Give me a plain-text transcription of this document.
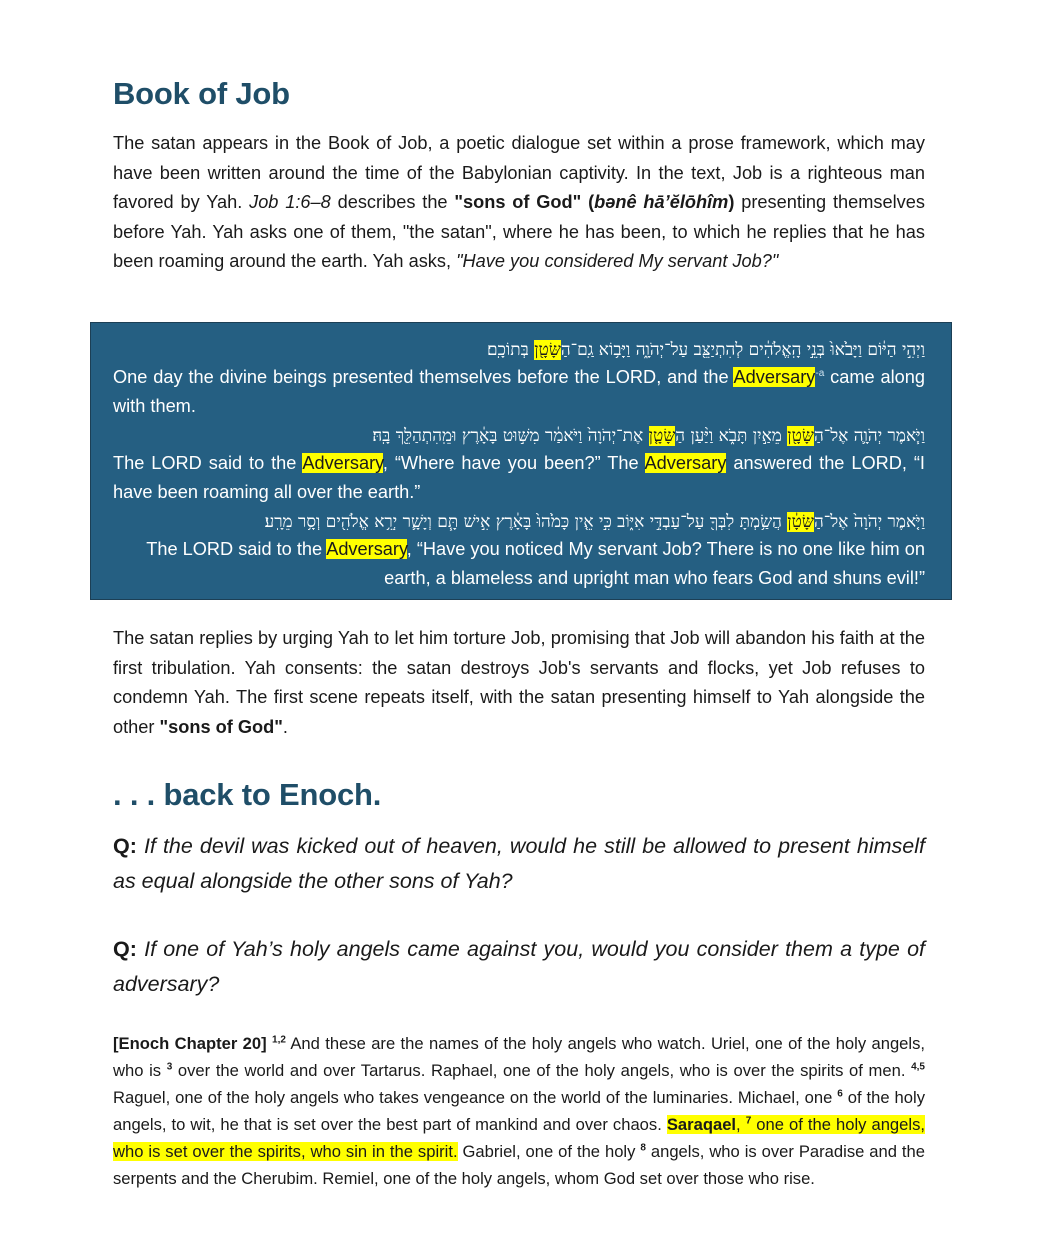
Book of Job

The satan appears in the Book of Job, a poetic dialogue set within a prose framework, which may have been written around the time of the Babylonian captivity. In the text, Job is a righteous man favored by Yah. Job 1:6–8 describes the "sons of God" (bənê hāʼĕlōhîm) presenting themselves before Yah. Yah asks one of them, "the satan", where he has been, to which he replies that he has been roaming around the earth. Yah asks, "Have you considered My servant Job?"

וַיְהִ֣י הַיּ֔וֹם וַיָּבֹ֙אוּ֙ בְּנֵ֣י הָֽאֱלֹהִ֔ים לְהִתְיַצֵּ֖ב עַל־יְהֹוָ֑ה וַיָּב֥וֹא גַֽם־הַשָּׂטָ֖ן בְּתוֹכָֽם׃
One day the divine beings presented themselves before the LORD, and the Adversary$^{-a}$ came along with them.
וַיֹּ֧אמֶר יְהֹוָ֛ה אֶל־הַשָּׂטָ֖ן מֵאַ֣יִן תָּבֹ֑א וַיַּ֨עַן הַשָּׂטָ֤ן אֶת־יְהֹוָה֙ וַיֹּאמַ֔ר מִשּׁ֣וּט בָּאָ֔רֶץ וּמֵֽהִתְהַלֵּ֖ךְ בָּֽהּ׃
The LORD said to the Adversary, “Where have you been?” The Adversary answered the LORD, “I have been roaming all over the earth.”
וַיֹּ֤אמֶר יְהֹוָה֙ אֶל־הַשָּׂטָ֔ן הֲשַׂ֥מְתָּ לִבְּךָ֖ עַל־עַבְדִּ֣י אִיּ֑וֹב כִּ֣י אֵ֤ין כָּמֹ֙הוּ֙ בָּאָ֔רֶץ אִ֣ישׁ תָּ֧ם וְיָשָׁ֛ר יְרֵ֥א אֱלֹהִ֖ים וְסָ֥ר מֵרָֽע׃
The LORD said to the Adversary, “Have you noticed My servant Job? There is no one like him on earth, a blameless and upright man who fears God and shuns evil!”

The satan replies by urging Yah to let him torture Job, promising that Job will abandon his faith at the first tribulation. Yah consents: the satan destroys Job's servants and flocks, yet Job refuses to condemn Yah. The first scene repeats itself, with the satan presenting himself to Yah alongside the other "sons of God".

. . . back to Enoch.

Q: If the devil was kicked out of heaven, would he still be allowed to present himself as equal alongside the other sons of Yah?

Q: If one of Yah’s holy angels came against you, would you consider them a type of adversary?

[Enoch Chapter 20] $^{1,2}$ And these are the names of the holy angels who watch. Uriel, one of the holy angels, who is $^3$ over the world and over Tartarus. Raphael, one of the holy angels, who is over the spirits of men. $^{4,5}$ Raguel, one of the holy angels who takes vengeance on the world of the luminaries. Michael, one $^6$ of the holy angels, to wit, he that is set over the best part of mankind and over chaos. Saraqael, $^7$ one of the holy angels, who is set over the spirits, who sin in the spirit. Gabriel, one of the holy $^8$ angels, who is over Paradise and the serpents and the Cherubim. Remiel, one of the holy angels, whom God set over those who rise.
